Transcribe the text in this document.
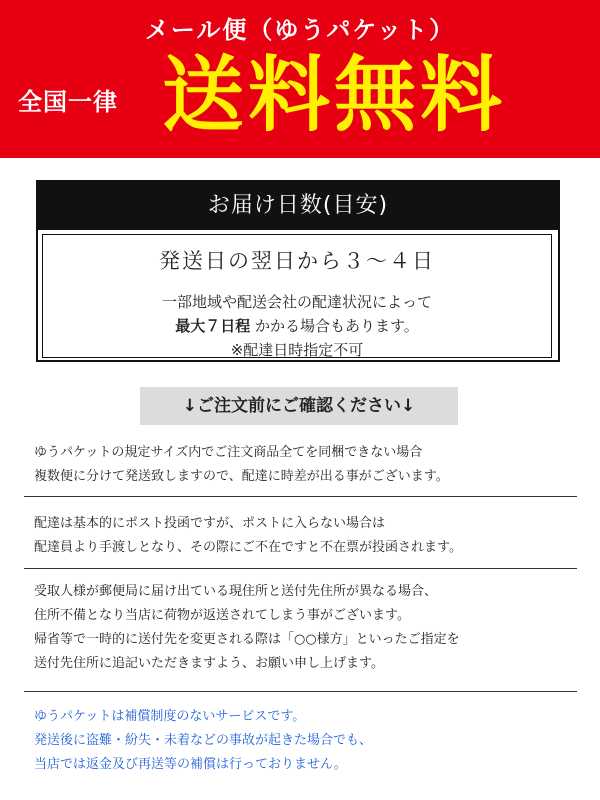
メール便（ゆうパケット）
全国一律 送料無料
お届け日数(目安)
発送日の翌日から３〜４日
一部地域や配送会社の配達状況によって
最大７日程 かかる場合もあります。
※配達日時指定不可
↓ご注文前にご確認ください↓

ゆうパケットの規定サイズ内でご注文商品全てを同梱できない場合

複数便に分けて発送致しますので、配達に時差が出る事がございます。

配達は基本的にポスト投函ですが、ポストに入らない場合は

配達員より手渡しとなり、その際にご不在ですと不在票が投函されます。

受取人様が郵便局に届け出ている現住所と送付先住所が異なる場合、

住所不備となり当店に荷物が返送されてしまう事がございます。

帰省等で一時的に送付先を変更される際は「○○様方」といったご指定を

送付先住所に追記いただきますよう、お願い申し上げます。

ゆうパケットは補償制度のないサービスです。

発送後に盗難・紛失・未着などの事故が起きた場合でも、

当店では返金及び再送等の補償は行っておりません。
